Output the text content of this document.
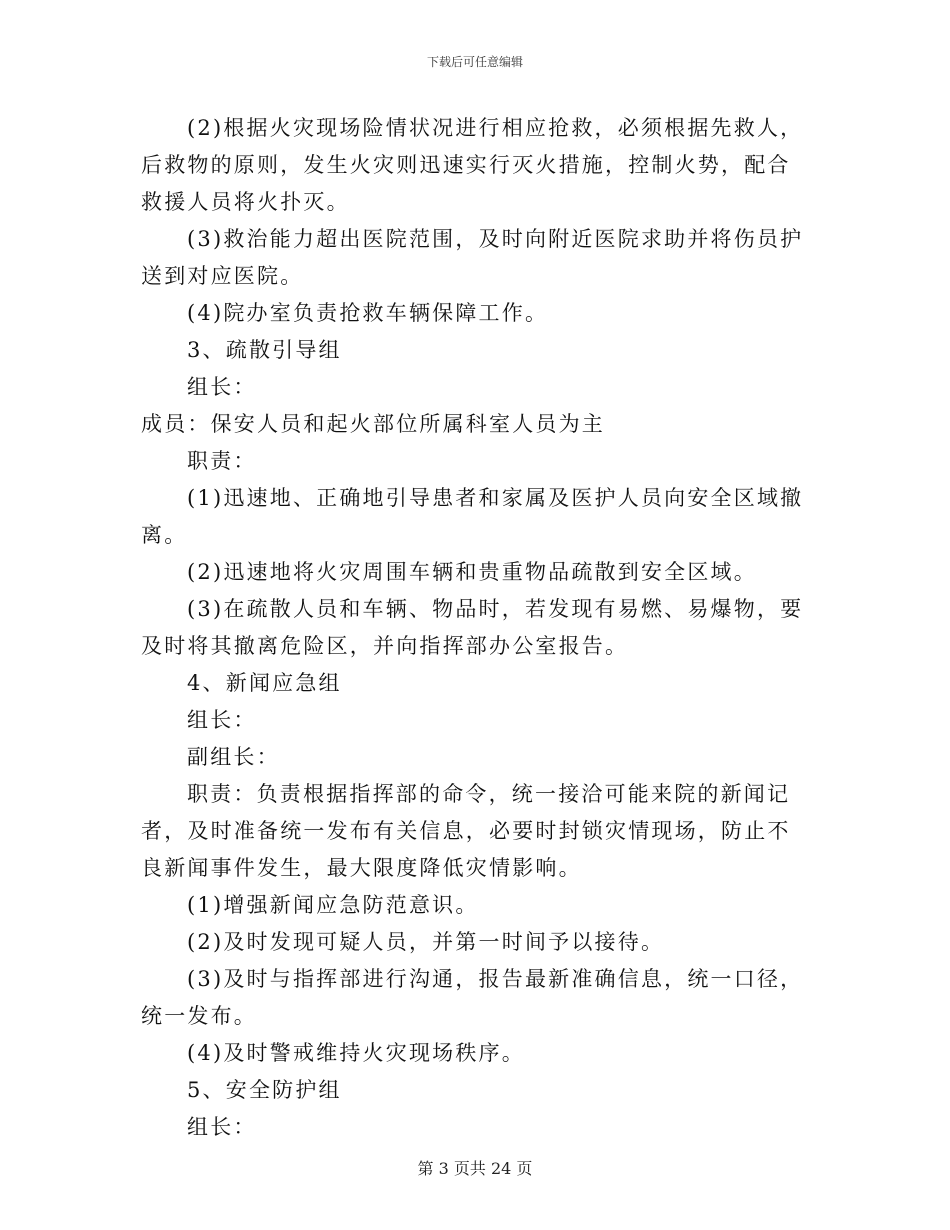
下载后可任意编辑

(2)根据火灾现场险情状况进行相应抢救，必须根据先救人，后救物的原则，发生火灾则迅速实行灭火措施，控制火势，配合救援人员将火扑灭。

(3)救治能力超出医院范围，及时向附近医院求助并将伤员护送到对应医院。

(4)院办室负责抢救车辆保障工作。

3、疏散引导组

组长：

成员：保安人员和起火部位所属科室人员为主

职责：

(1)迅速地、正确地引导患者和家属及医护人员向安全区域撤离。

(2)迅速地将火灾周围车辆和贵重物品疏散到安全区域。

(3)在疏散人员和车辆、物品时，若发现有易燃、易爆物，要及时将其撤离危险区，并向指挥部办公室报告。

4、新闻应急组

组长：

副组长：

职责：负责根据指挥部的命令，统一接洽可能来院的新闻记者，及时准备统一发布有关信息，必要时封锁灾情现场，防止不良新闻事件发生，最大限度降低灾情影响。

(1)增强新闻应急防范意识。

(2)及时发现可疑人员，并第一时间予以接待。

(3)及时与指挥部进行沟通，报告最新准确信息，统一口径，统一发布。

(4)及时警戒维持火灾现场秩序。

5、安全防护组

组长：

第 3 页共 24 页
